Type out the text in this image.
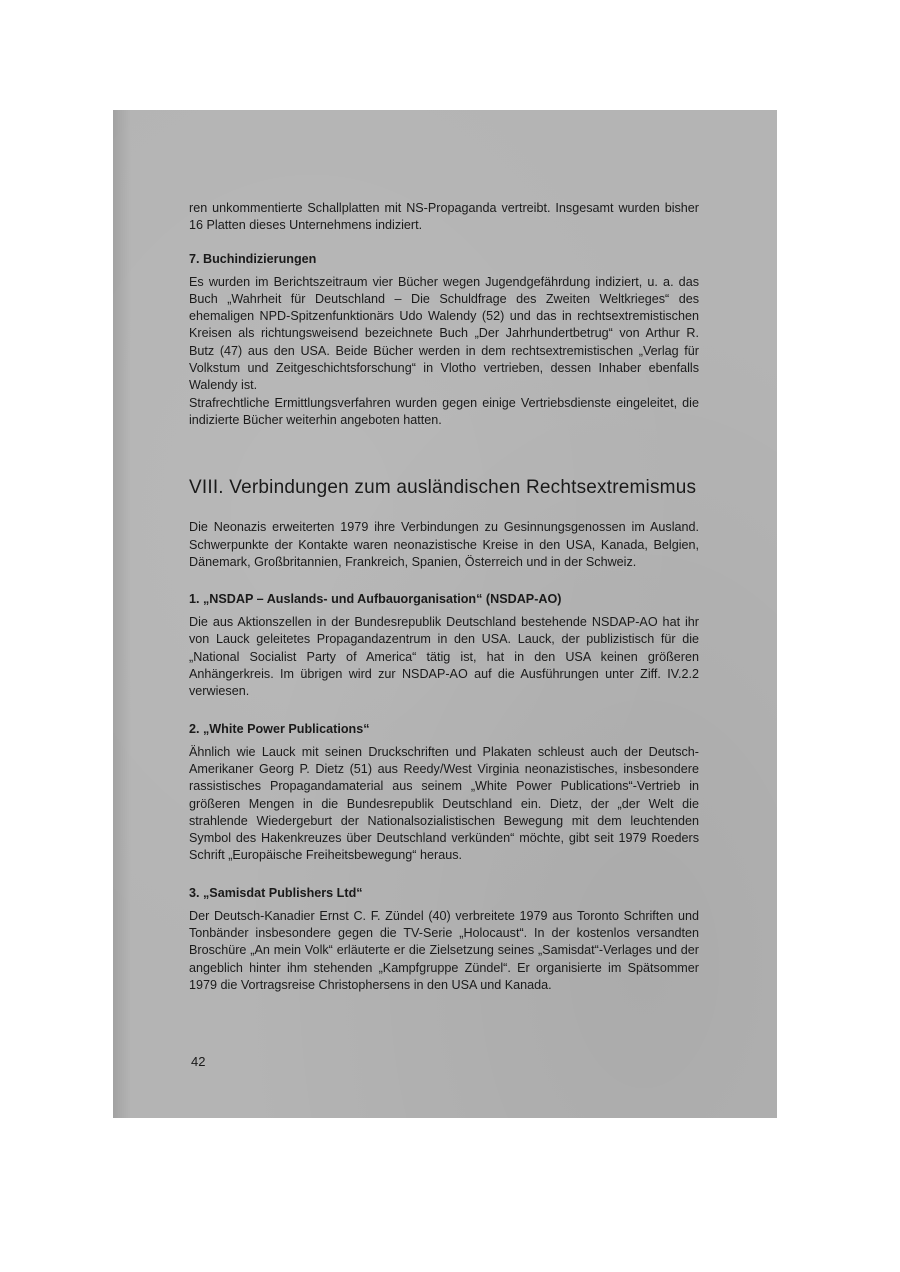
ren unkommentierte Schallplatten mit NS-Propaganda vertreibt. Insgesamt wurden bisher 16 Platten dieses Unternehmens indiziert.

7. Buchindizierungen

Es wurden im Berichtszeitraum vier Bücher wegen Jugendgefährdung indiziert, u. a. das Buch „Wahrheit für Deutschland – Die Schuldfrage des Zweiten Weltkrieges“ des ehemaligen NPD-Spitzenfunktionärs Udo Walendy (52) und das in rechtsextremistischen Kreisen als richtungsweisend bezeichnete Buch „Der Jahrhundertbetrug“ von Arthur R. Butz (47) aus den USA. Beide Bücher werden in dem rechtsextremistischen „Verlag für Volkstum und Zeitgeschichtsforschung“ in Vlotho vertrieben, dessen Inhaber ebenfalls Walendy ist.

Strafrechtliche Ermittlungsverfahren wurden gegen einige Vertriebsdienste eingeleitet, die indizierte Bücher weiterhin angeboten hatten.

VIII. Verbindungen zum ausländischen Rechtsextremismus

Die Neonazis erweiterten 1979 ihre Verbindungen zu Gesinnungsgenossen im Ausland. Schwerpunkte der Kontakte waren neonazistische Kreise in den USA, Kanada, Belgien, Dänemark, Großbritannien, Frankreich, Spanien, Österreich und in der Schweiz.

1. „NSDAP – Auslands- und Aufbauorganisation“ (NSDAP-AO)

Die aus Aktionszellen in der Bundesrepublik Deutschland bestehende NSDAP-AO hat ihr von Lauck geleitetes Propagandazentrum in den USA. Lauck, der publizistisch für die „National Socialist Party of America“ tätig ist, hat in den USA keinen größeren Anhängerkreis. Im übrigen wird zur NSDAP-AO auf die Ausführungen unter Ziff. IV.2.2 verwiesen.

2. „White Power Publications“

Ähnlich wie Lauck mit seinen Druckschriften und Plakaten schleust auch der Deutsch-Amerikaner Georg P. Dietz (51) aus Reedy/West Virginia neonazistisches, insbesondere rassistisches Propagandamaterial aus seinem „White Power Publications“-Vertrieb in größeren Mengen in die Bundesrepublik Deutschland ein. Dietz, der „der Welt die strahlende Wiedergeburt der Nationalsozialistischen Bewegung mit dem leuchtenden Symbol des Hakenkreuzes über Deutschland verkünden“ möchte, gibt seit 1979 Roeders Schrift „Europäische Freiheitsbewegung“ heraus.

3. „Samisdat Publishers Ltd“

Der Deutsch-Kanadier Ernst C. F. Zündel (40) verbreitete 1979 aus Toronto Schriften und Tonbänder insbesondere gegen die TV-Serie „Holocaust“. In der kostenlos versandten Broschüre „An mein Volk“ erläuterte er die Zielsetzung seines „Samisdat“-Verlages und der angeblich hinter ihm stehenden „Kampfgruppe Zündel“. Er organisierte im Spätsommer 1979 die Vortragsreise Christophersens in den USA und Kanada.

42
